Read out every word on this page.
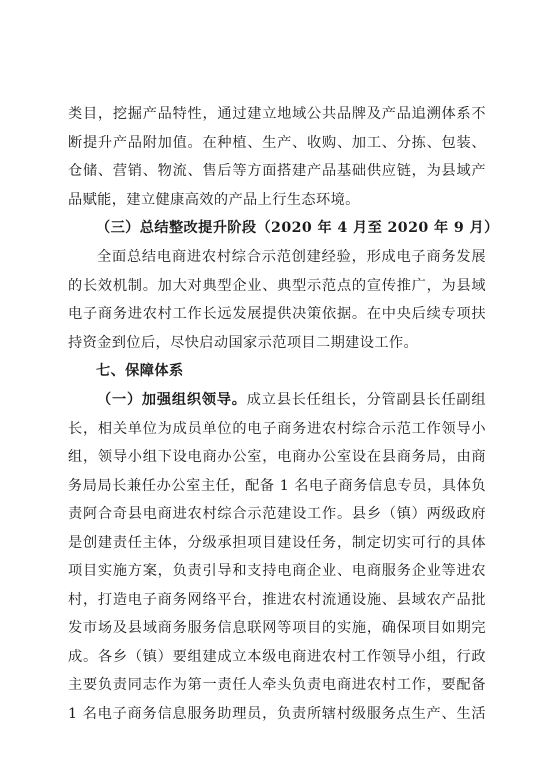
类目，挖掘产品特性，通过建立地域公共品牌及产品追溯体系不
断提升产品附加值。在种植、生产、收购、加工、分拣、包装、
仓储、营销、物流、售后等方面搭建产品基础供应链，为县域产
品赋能，建立健康高效的产品上行生态环境。
（三）总结整改提升阶段（2020 年 4 月至 2020 年 9 月）
全面总结电商进农村综合示范创建经验，形成电子商务发展
的长效机制。加大对典型企业、典型示范点的宣传推广，为县域
电子商务进农村工作长远发展提供决策依据。在中央后续专项扶
持资金到位后，尽快启动国家示范项目二期建设工作。
七、保障体系
（一）加强组织领导。成立县长任组长，分管副县长任副组
长，相关单位为成员单位的电子商务进农村综合示范工作领导小
组，领导小组下设电商办公室，电商办公室设在县商务局，由商
务局局长兼任办公室主任，配备 1 名电子商务信息专员，具体负
责阿合奇县电商进农村综合示范建设工作。县乡（镇）两级政府
是创建责任主体，分级承担项目建设任务，制定切实可行的具体
项目实施方案，负责引导和支持电商企业、电商服务企业等进农
村，打造电子商务网络平台，推进农村流通设施、县域农产品批
发市场及县域商务服务信息联网等项目的实施，确保项目如期完
成。各乡（镇）要组建成立本级电商进农村工作领导小组，行政
主要负责同志作为第一责任人牵头负责电商进农村工作，要配备
1 名电子商务信息服务助理员，负责所辖村级服务点生产、生活
